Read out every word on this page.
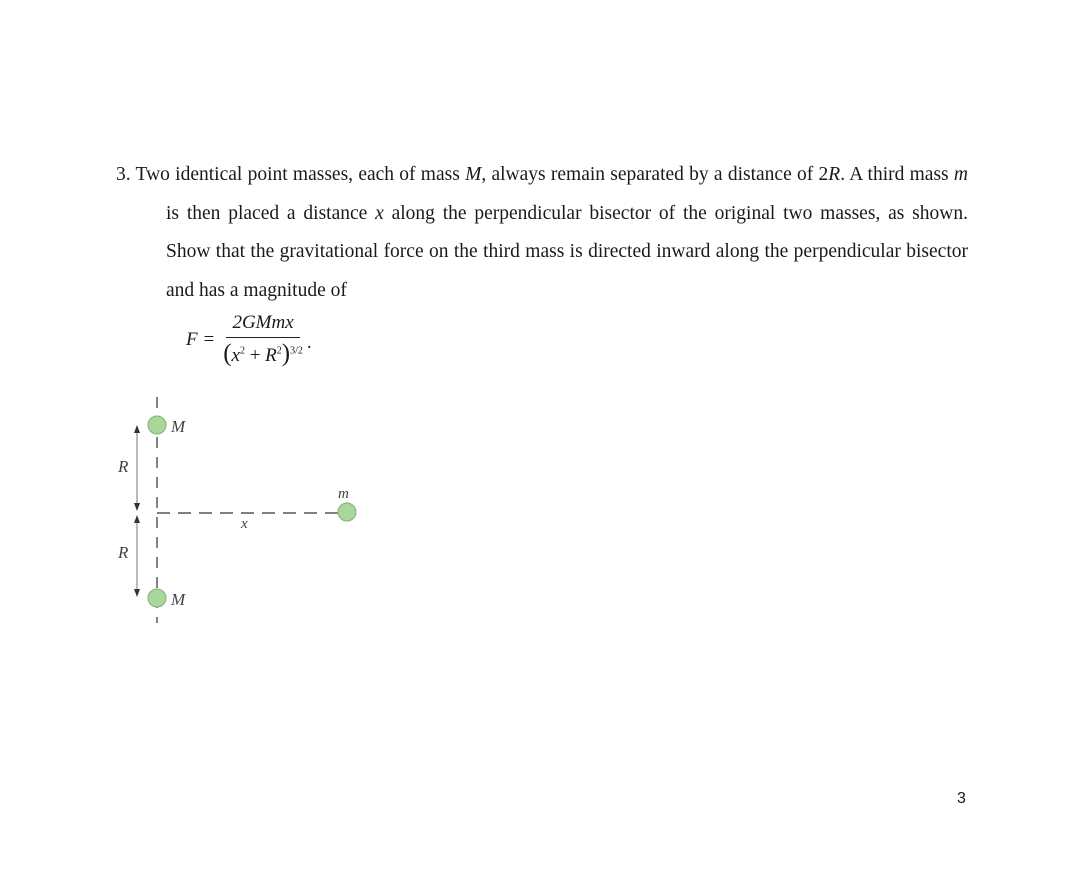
3. Two identical point masses, each of mass M, always remain separated by a distance of 2R. A third mass m is then placed a distance x along the perpendicular bisector of the original two masses, as shown. Show that the gravitational force on the third mass is directed inward along the perpendicular bisector and has a magnitude of

$F = \frac{\text{2GMmx}}{(x^2 + R^2)^{3/2}}$ .
M
M
m
R
R
x
3
